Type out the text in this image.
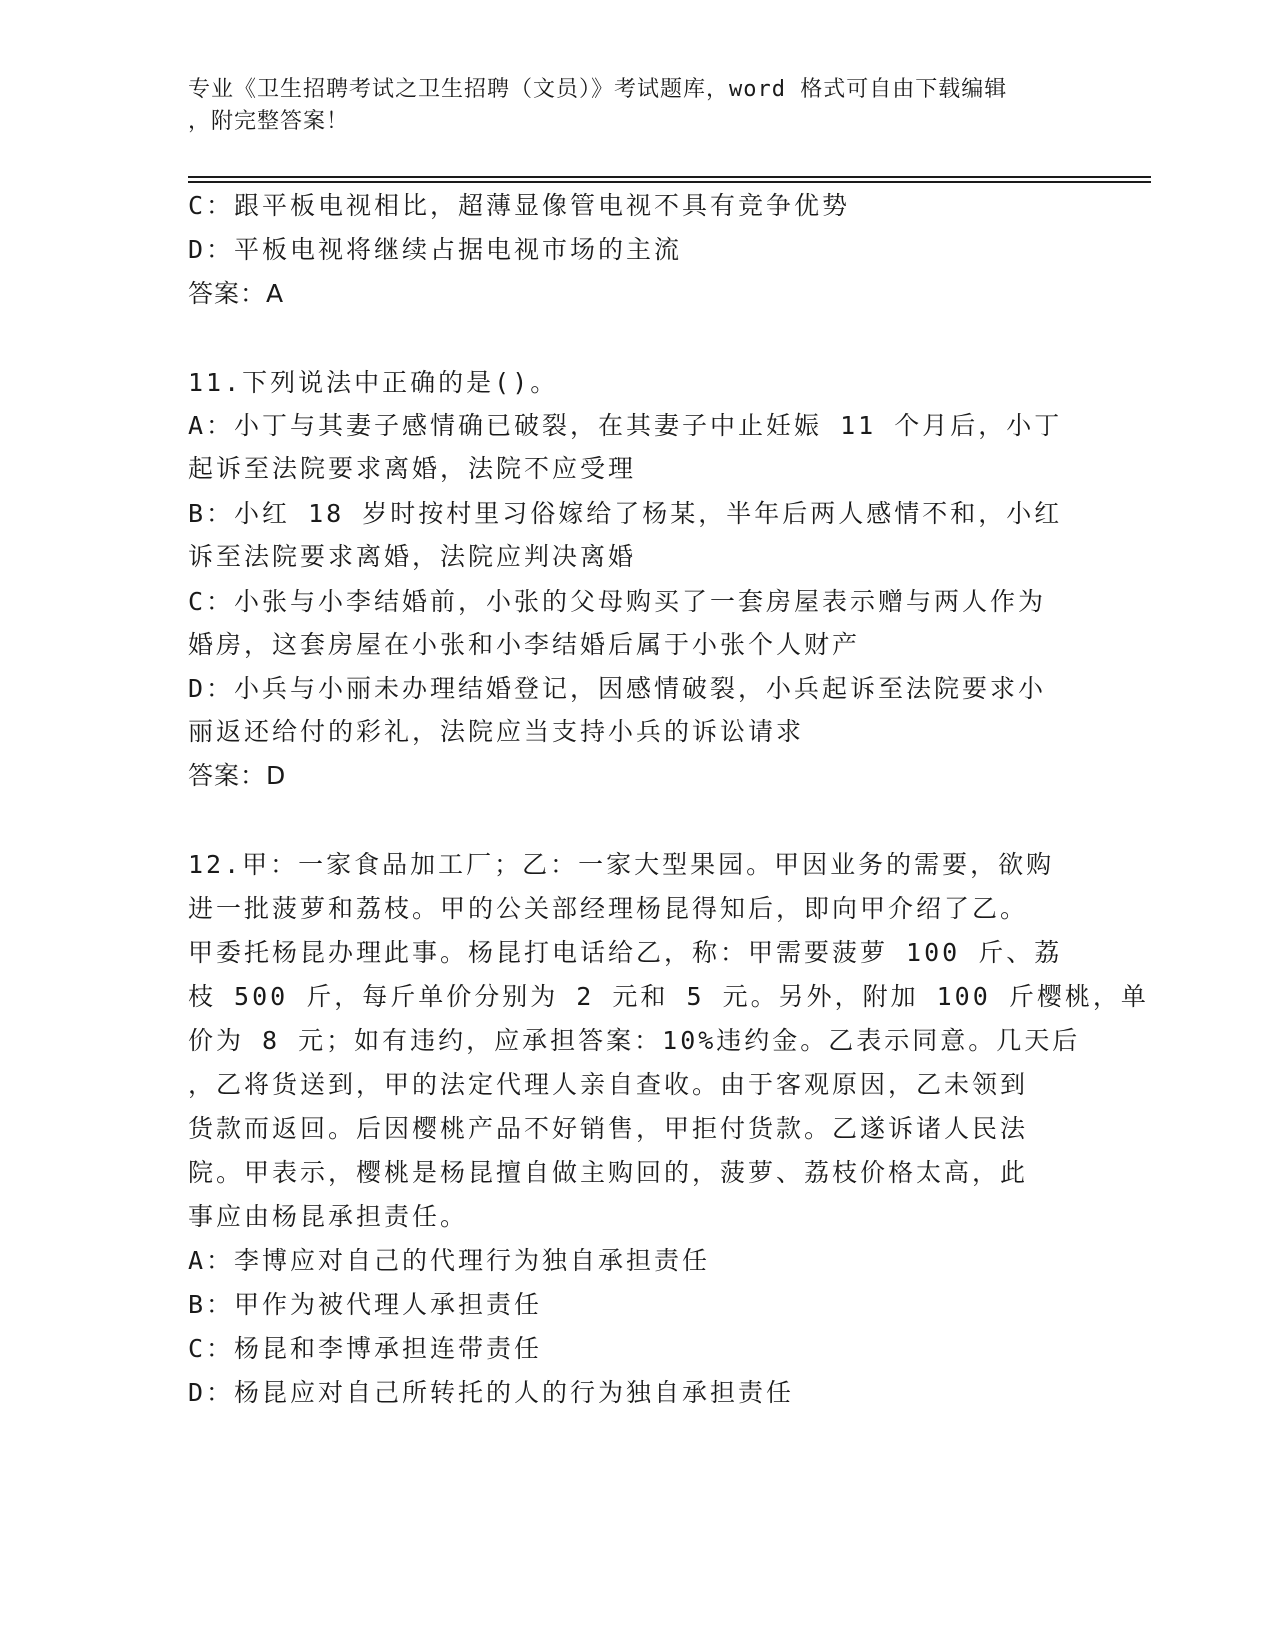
专业《卫生招聘考试之卫生招聘（文员）》考试题库，word 格式可自由下载编辑
，附完整答案！
C：跟平板电视相比，超薄显像管电视不具有竞争优势
D：平板电视将继续占据电视市场的主流
答案：A
11.下列说法中正确的是()。
A：小丁与其妻子感情确已破裂，在其妻子中止妊娠 11 个月后，小丁
起诉至法院要求离婚，法院不应受理
B：小红 18 岁时按村里习俗嫁给了杨某，半年后两人感情不和，小红
诉至法院要求离婚，法院应判决离婚
C：小张与小李结婚前，小张的父母购买了一套房屋表示赠与两人作为
婚房，这套房屋在小张和小李结婚后属于小张个人财产
D：小兵与小丽未办理结婚登记，因感情破裂，小兵起诉至法院要求小
丽返还给付的彩礼，法院应当支持小兵的诉讼请求
答案：D
12.甲：一家食品加工厂；乙：一家大型果园。甲因业务的需要，欲购
进一批菠萝和荔枝。甲的公关部经理杨昆得知后，即向甲介绍了乙。
甲委托杨昆办理此事。杨昆打电话给乙，称：甲需要菠萝 100 斤、荔
枝 500 斤，每斤单价分别为 2 元和 5 元。另外，附加 100 斤樱桃，单
价为 8 元；如有违约，应承担答案：10%违约金。乙表示同意。几天后
，乙将货送到，甲的法定代理人亲自查收。由于客观原因，乙未领到
货款而返回。后因樱桃产品不好销售，甲拒付货款。乙遂诉诸人民法
院。甲表示，樱桃是杨昆擅自做主购回的，菠萝、荔枝价格太高，此
事应由杨昆承担责任。
A：李博应对自己的代理行为独自承担责任
B：甲作为被代理人承担责任
C：杨昆和李博承担连带责任
D：杨昆应对自己所转托的人的行为独自承担责任
